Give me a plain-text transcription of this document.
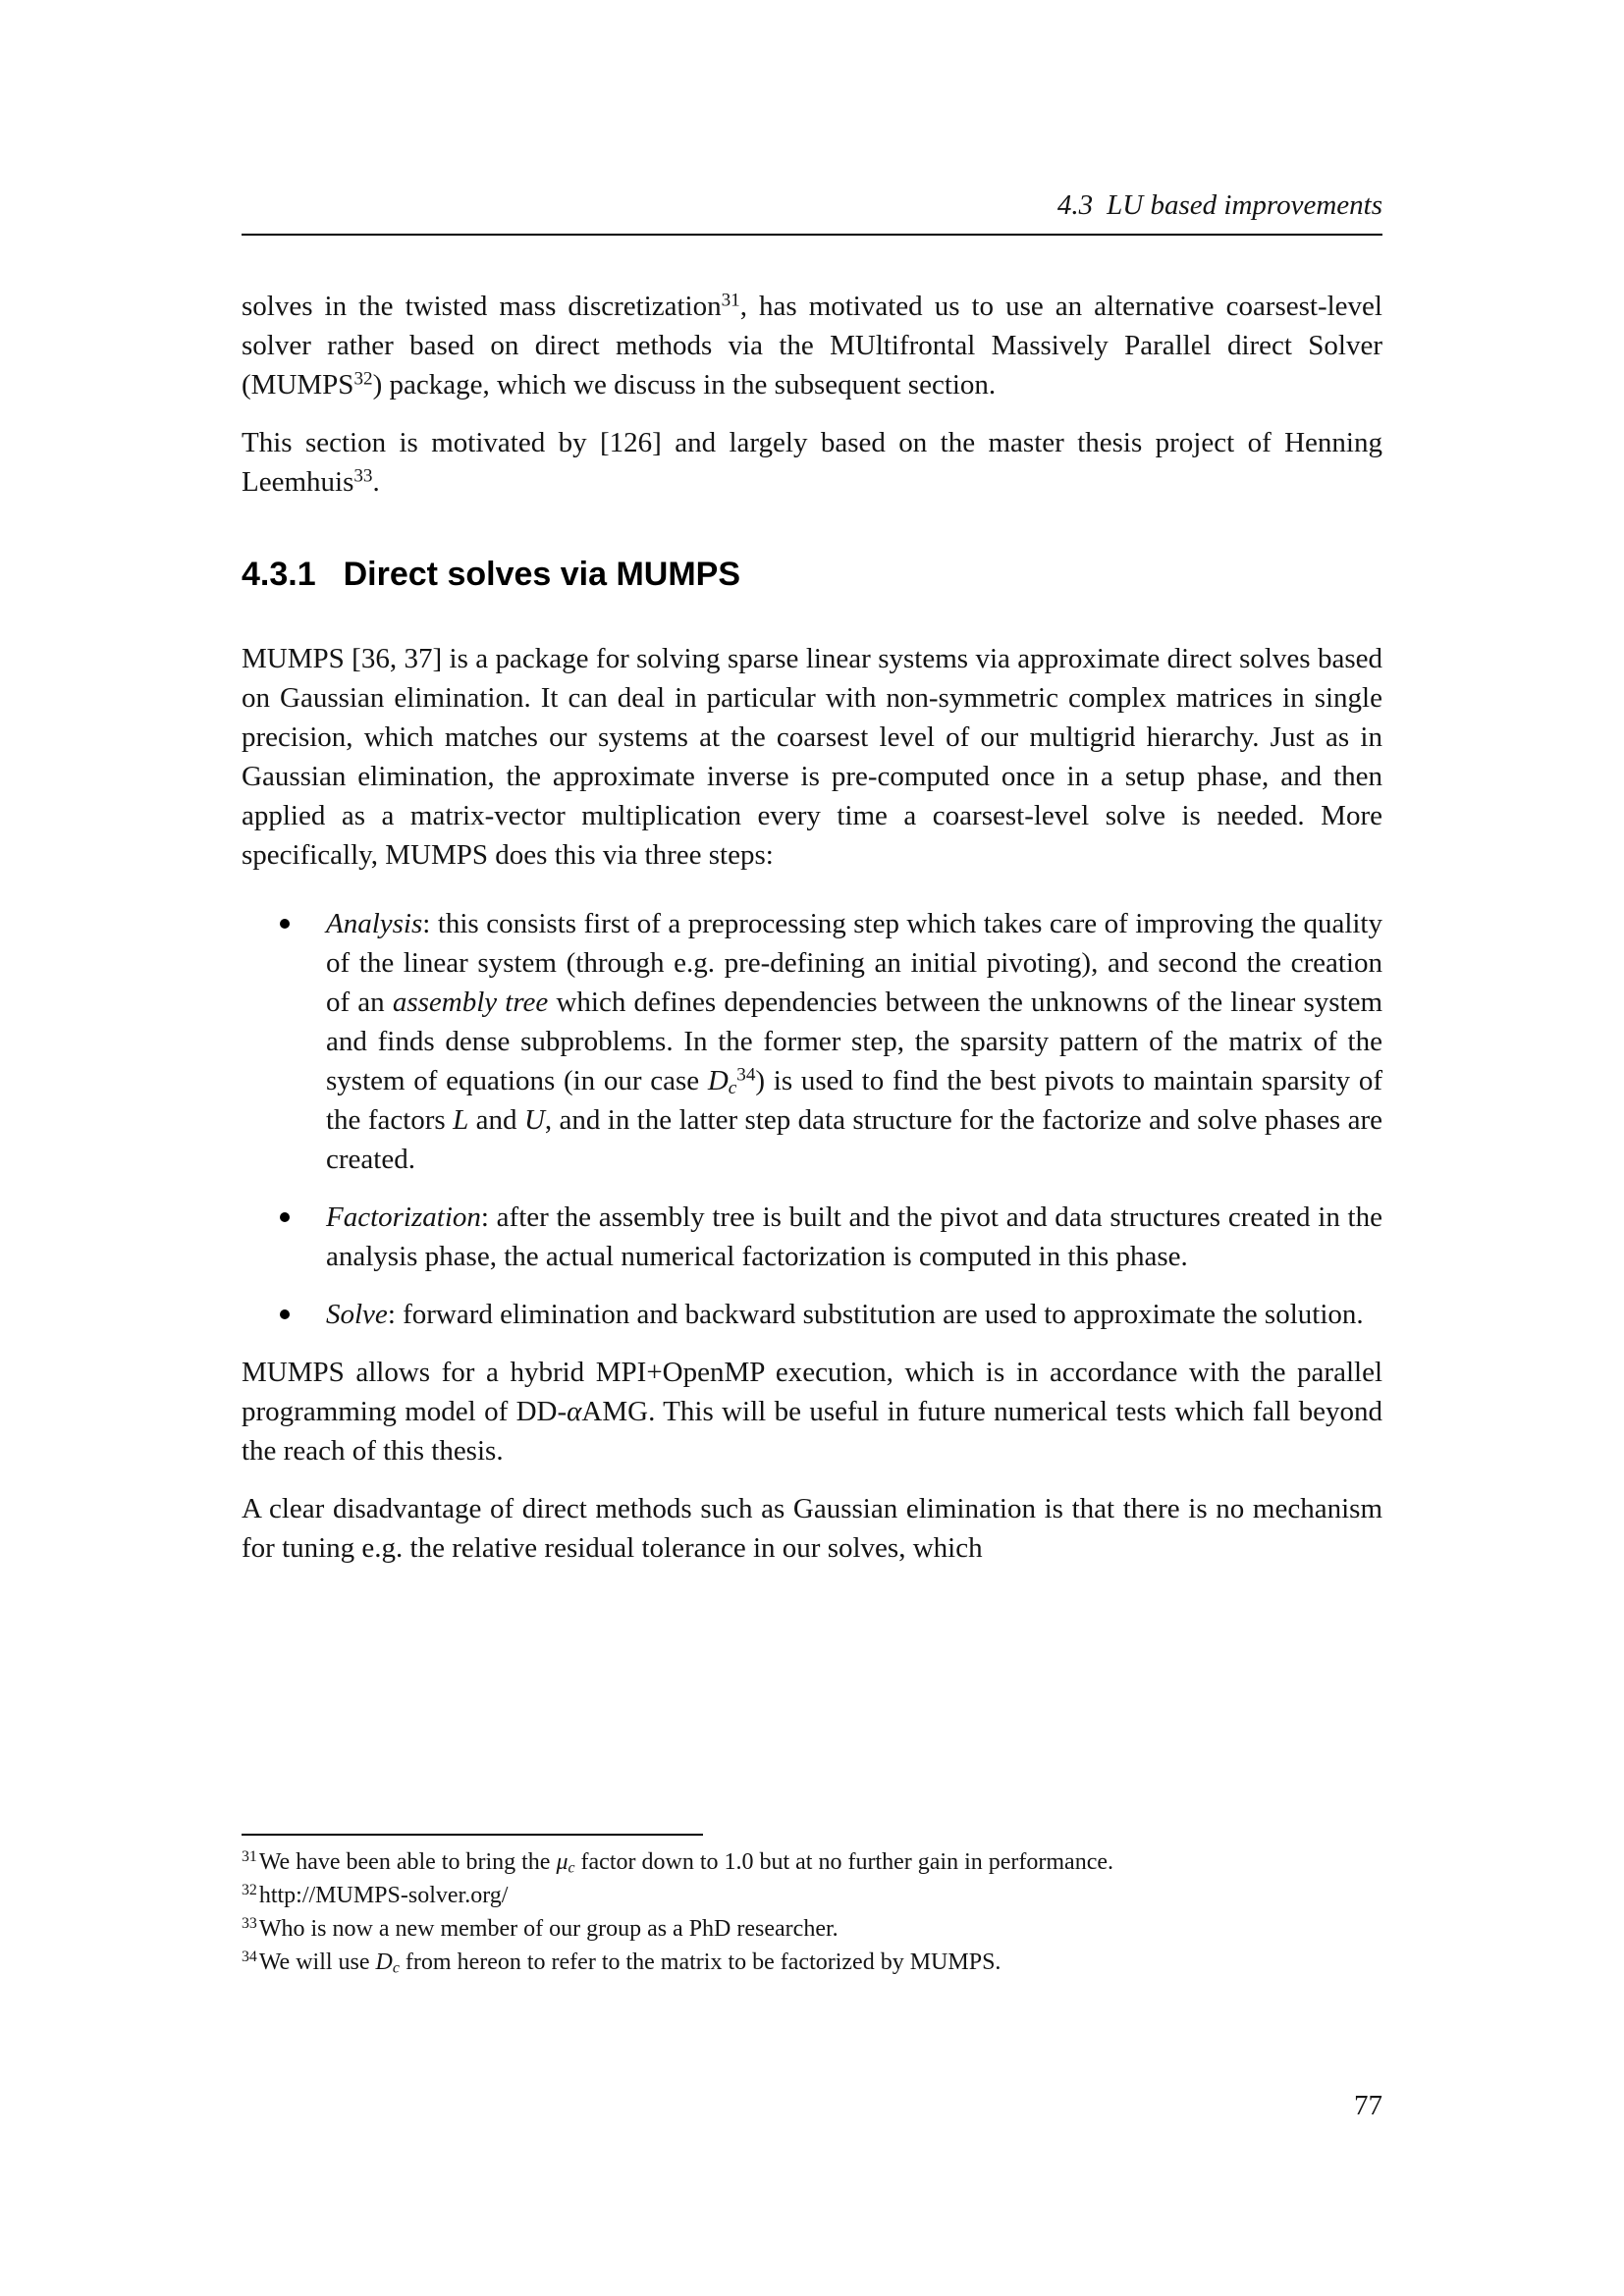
4.3 LU based improvements

solves in the twisted mass discretization$^{31}$, has motivated us to use an alternative coarsest-level solver rather based on direct methods via the MUltifrontal Massively Parallel direct Solver (MUMPS$^{32}$) package, which we discuss in the subsequent section.

This section is motivated by [126] and largely based on the master thesis project of Henning Leemhuis$^{33}$.

4.3.1 Direct solves via MUMPS

MUMPS [36, 37] is a package for solving sparse linear systems via approximate direct solves based on Gaussian elimination. It can deal in particular with non-symmetric complex matrices in single precision, which matches our systems at the coarsest level of our multigrid hierarchy. Just as in Gaussian elimination, the approximate inverse is pre-computed once in a setup phase, and then applied as a matrix-vector multiplication every time a coarsest-level solve is needed. More specifically, MUMPS does this via three steps:

Analysis: this consists first of a preprocessing step which takes care of improving the quality of the linear system (through e.g. pre-defining an initial pivoting), and second the creation of an assembly tree which defines dependencies between the unknowns of the linear system and finds dense subproblems. In the former step, the sparsity pattern of the matrix of the system of equations (in our case Dc$^{34}$) is used to find the best pivots to maintain sparsity of the factors L and U, and in the latter step data structure for the factorize and solve phases are created.
Factorization: after the assembly tree is built and the pivot and data structures created in the analysis phase, the actual numerical factorization is computed in this phase.
Solve: forward elimination and backward substitution are used to approximate the solution.

MUMPS allows for a hybrid MPI+OpenMP execution, which is in accordance with the parallel programming model of DD-αAMG. This will be useful in future numerical tests which fall beyond the reach of this thesis.

A clear disadvantage of direct methods such as Gaussian elimination is that there is no mechanism for tuning e.g. the relative residual tolerance in our solves, which

$^{31}$We have been able to bring the μc factor down to 1.0 but at no further gain in performance.
$^{32}$http://MUMPS-solver.org/
$^{33}$Who is now a new member of our group as a PhD researcher.
$^{34}$We will use Dc from hereon to refer to the matrix to be factorized by MUMPS.
77
